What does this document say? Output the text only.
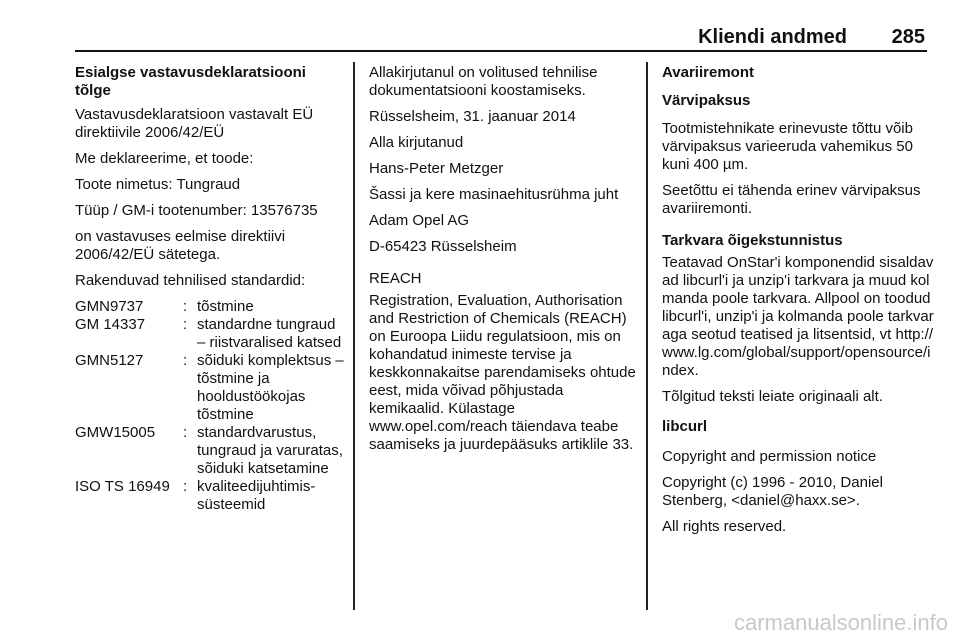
Kliendi andmed 285

Esialgse vastavusdeklaratsiooni tõlge

Vastavusdeklaratsioon vastavalt EÜ direktiivile 2006/42/EÜ

Me deklareerime, et toode:

Toote nimetus: Tungraud

Tüüp / GM-i tootenumber: 13576735

on vastavuses eelmise direktiivi 2006/42/EÜ sätetega.

Rakenduvad tehnilised standardid:

GMN9737	: tõstmine
GM 14337	: standardne tungraud – riistvaralised katsed
GMN5127	: sõiduki komplektsus – tõstmine ja hooldustöökojas tõstmine
GMW15005	: standardvarustus, tungraud ja varuratas, sõiduki katsetamine
ISO TS 16949 : kvaliteedijuhtimis-süsteemid

Allakirjutanul on volitused tehnilise dokumentatsiooni koostamiseks.

Rüsselsheim, 31. jaanuar 2014

Alla kirjutanud

Hans-Peter Metzger

Šassi ja kere masinaehitusrühma juht

Adam Opel AG

D-65423 Rüsselsheim

REACH

Registration, Evaluation, Authorisation and Restriction of Chemicals (REACH) on Euroopa Liidu regulatsioon, mis on kohandatud inimeste tervise ja keskkonnakaitse parendamiseks ohtude eest, mida võivad põhjustada kemikaalid. Külastage www.opel.com/reach täiendava teabe saamiseks ja juurdepääsuks artiklile 33.

Avariiremont

Värvipaksus

Tootmistehnikate erinevuste tõttu võib värvipaksus varieeruda vahemikus 50 kuni 400 µm.

Seetõttu ei tähenda erinev värvipaksus avariiremonti.

Tarkvara õigekstunnistus

Teatavad OnStar'i komponendid sisaldavad libcurl'i ja unzip'i tarkvara ja muud kolmanda poole tarkvara. Allpool on toodud libcurl'i, unzip'i ja kolmanda poole tarkvaraga seotud teatised ja litsentsid, vt http://www.lg.com/global/support/opensource/index.

Tõlgitud teksti leiate originaali alt.

libcurl

Copyright and permission notice

Copyright (c) 1996 - 2010, Daniel Stenberg, <daniel@haxx.se>.

All rights reserved.

carmanualsonline.info
